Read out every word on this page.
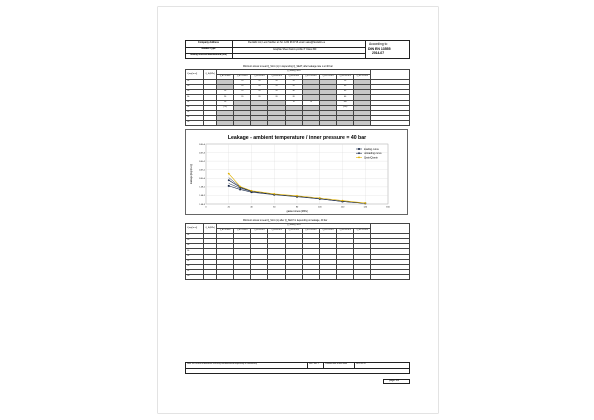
Company Address	Flexitallic Ltd, Leon Steibler an Tel. 1234 98 0715 email: sales@flexitallic.eu
Gasket Type	Graphite Sheet Kamm-profile 3" Class 300
Seating stressed Manufactured (mm)
According to
DIN EN 13555
2014-07
Minimum stress to seat Q_Smin (L) in depending Q_SEAT, after leakage rate L at 40 bar
L [mg/(m·s)]	Q_A [MPa]	Q_Smin(L) MPa									
		Q_A = 10 MPa	Q_A = 20 MPa	Q_A = 40 MPa	Q_A = 60 MPa	Q_A = 80 MPa	Q_A = 100 MPa	Q_A = 120 MPa	Q_A = 140 MPa	Q_A = 160 MPa	
10°			20	20	20	20			20		
10¹			20	20	20	20			40		
10²		20	20	20	20	40			40		
10³		20	20	20	20	20			60		
10⁴		20				70	70		100		
10⁵		(70)							(120)		
10⁶											
10⁷											
10⁸											
Leakage - ambient temperature / inner pressure = 40 bar
0	20	40	60	80	100	120	140	160
1.0E-3
1.0E-2
1.0E-1
1.0E+0
1.0E+1
1.0E+2
1.0E+3
1.0E+4
gasket stress [MPa]
leakage [mg/(m·s)]
loading curve
unloading curve
Qmin/Qsmin
Minimum stress to seat Q_Smin (L) after Q_SEAT in depending on leakage, 40 bar
L [mg/(m·s)]	Q_A [MPa]	Q_Smin(L) MPa									
		Q_A = 10 MPa	Q_A = 20 MPa	Q_A = 40 MPa	Q_A = 60 MPa	Q_A = 80 MPa	Q_A = 100 MPa	Q_A = 120 MPa	Q_A = 140 MPa	Q_A = 160 MPa	
10°											
10¹											
10²											
10³											
10⁴											
10⁵											
10⁶											
10⁷											
10⁸											
Note: the content of datasheet calls may not determined respectively in consistency	Rev.: Sec. 1	Creation date of this sheet	2019-05-15
page 1/2
